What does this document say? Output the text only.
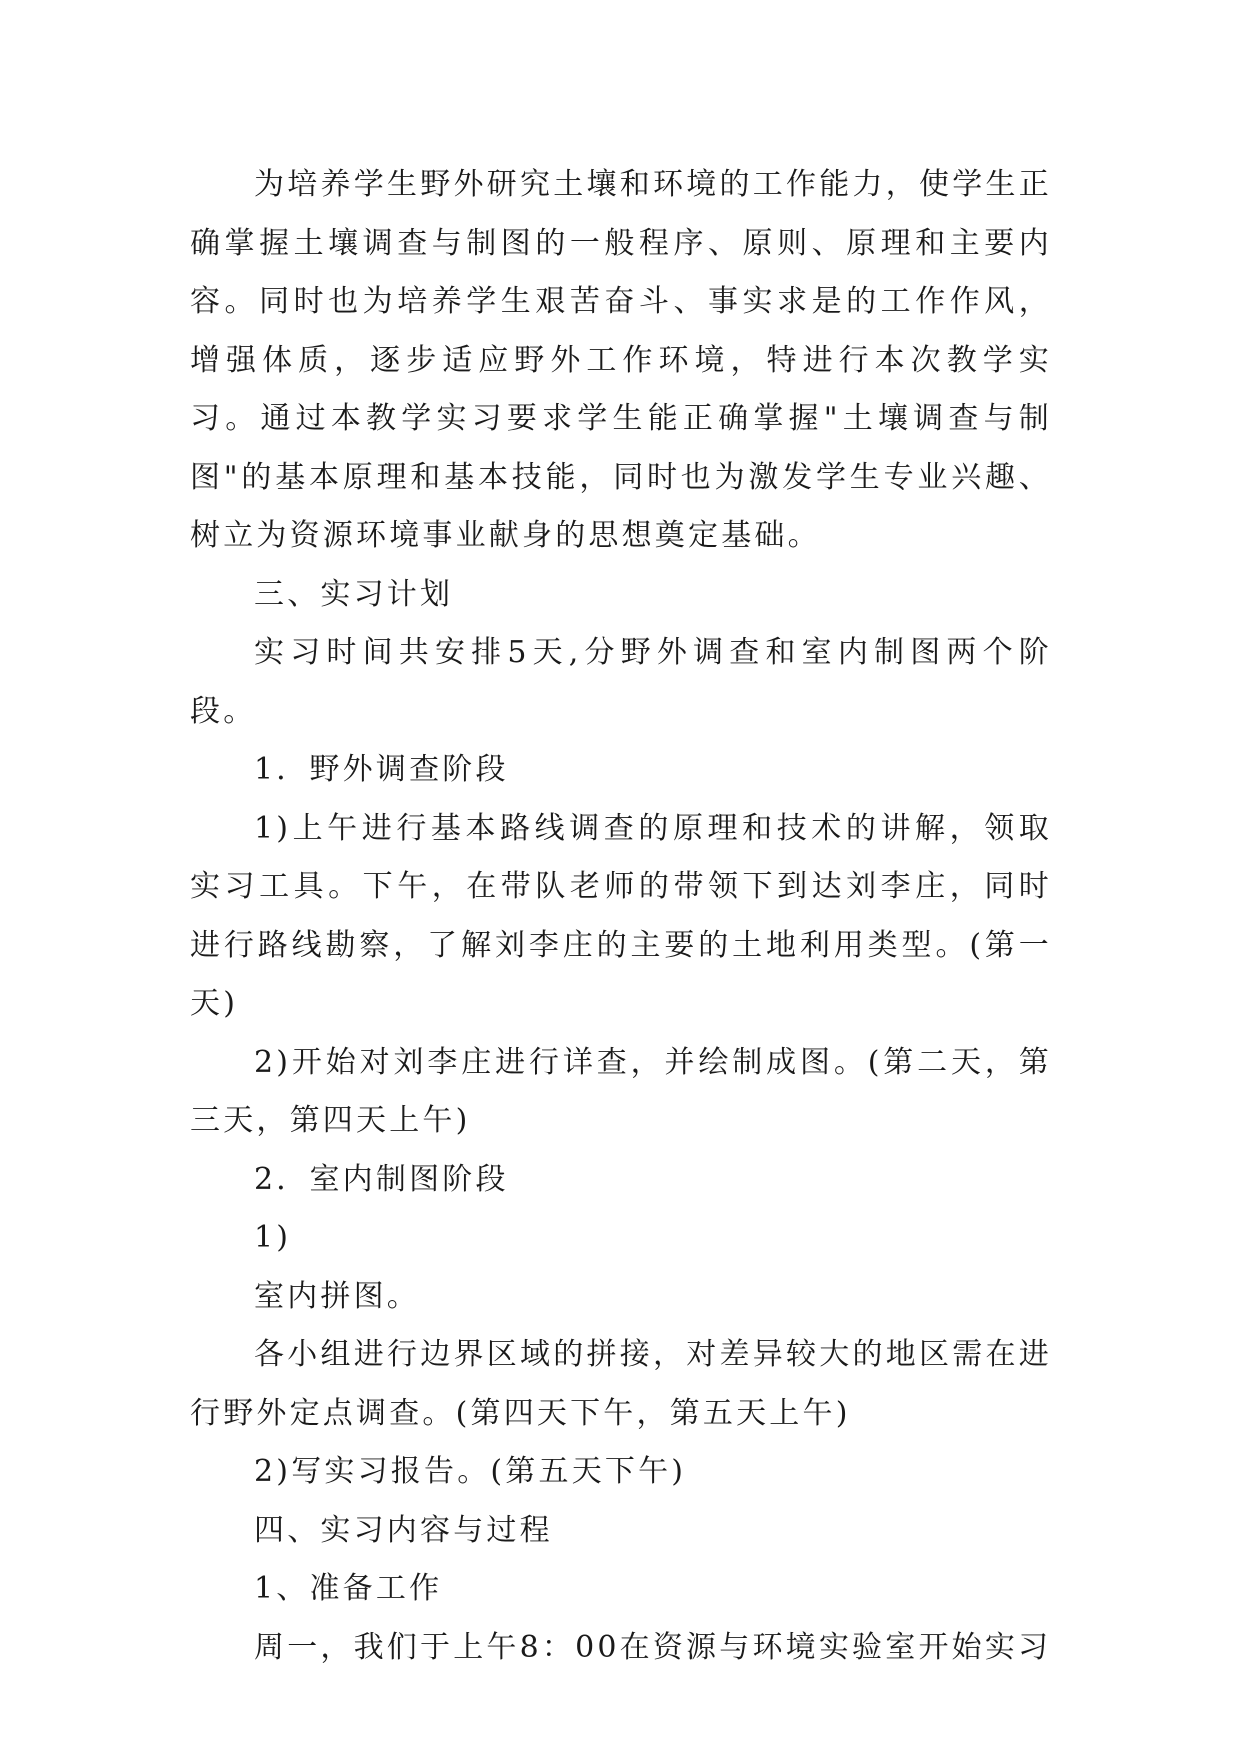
为培养学生野外研究土壤和环境的工作能力，使学生正确掌握土壤调查与制图的一般程序、原则、原理和主要内容。同时也为培养学生艰苦奋斗、事实求是的工作作风，增强体质，逐步适应野外工作环境，特进行本次教学实习。通过本教学实习要求学生能正确掌握"土壤调查与制图"的基本原理和基本技能，同时也为激发学生专业兴趣、树立为资源环境事业献身的思想奠定基础。

三、实习计划

实习时间共安排5天,分野外调查和室内制图两个阶段。

1．野外调查阶段

1)上午进行基本路线调查的原理和技术的讲解，领取实习工具。下午，在带队老师的带领下到达刘李庄，同时进行路线勘察，了解刘李庄的主要的土地利用类型。(第一天)

2)开始对刘李庄进行详查，并绘制成图。(第二天，第三天，第四天上午)

2．室内制图阶段

1)

室内拼图。

各小组进行边界区域的拼接，对差异较大的地区需在进行野外定点调查。(第四天下午，第五天上午)

2)写实习报告。(第五天下午)

四、实习内容与过程

1、准备工作

周一，我们于上午8：00在资源与环境实验室开始实习
